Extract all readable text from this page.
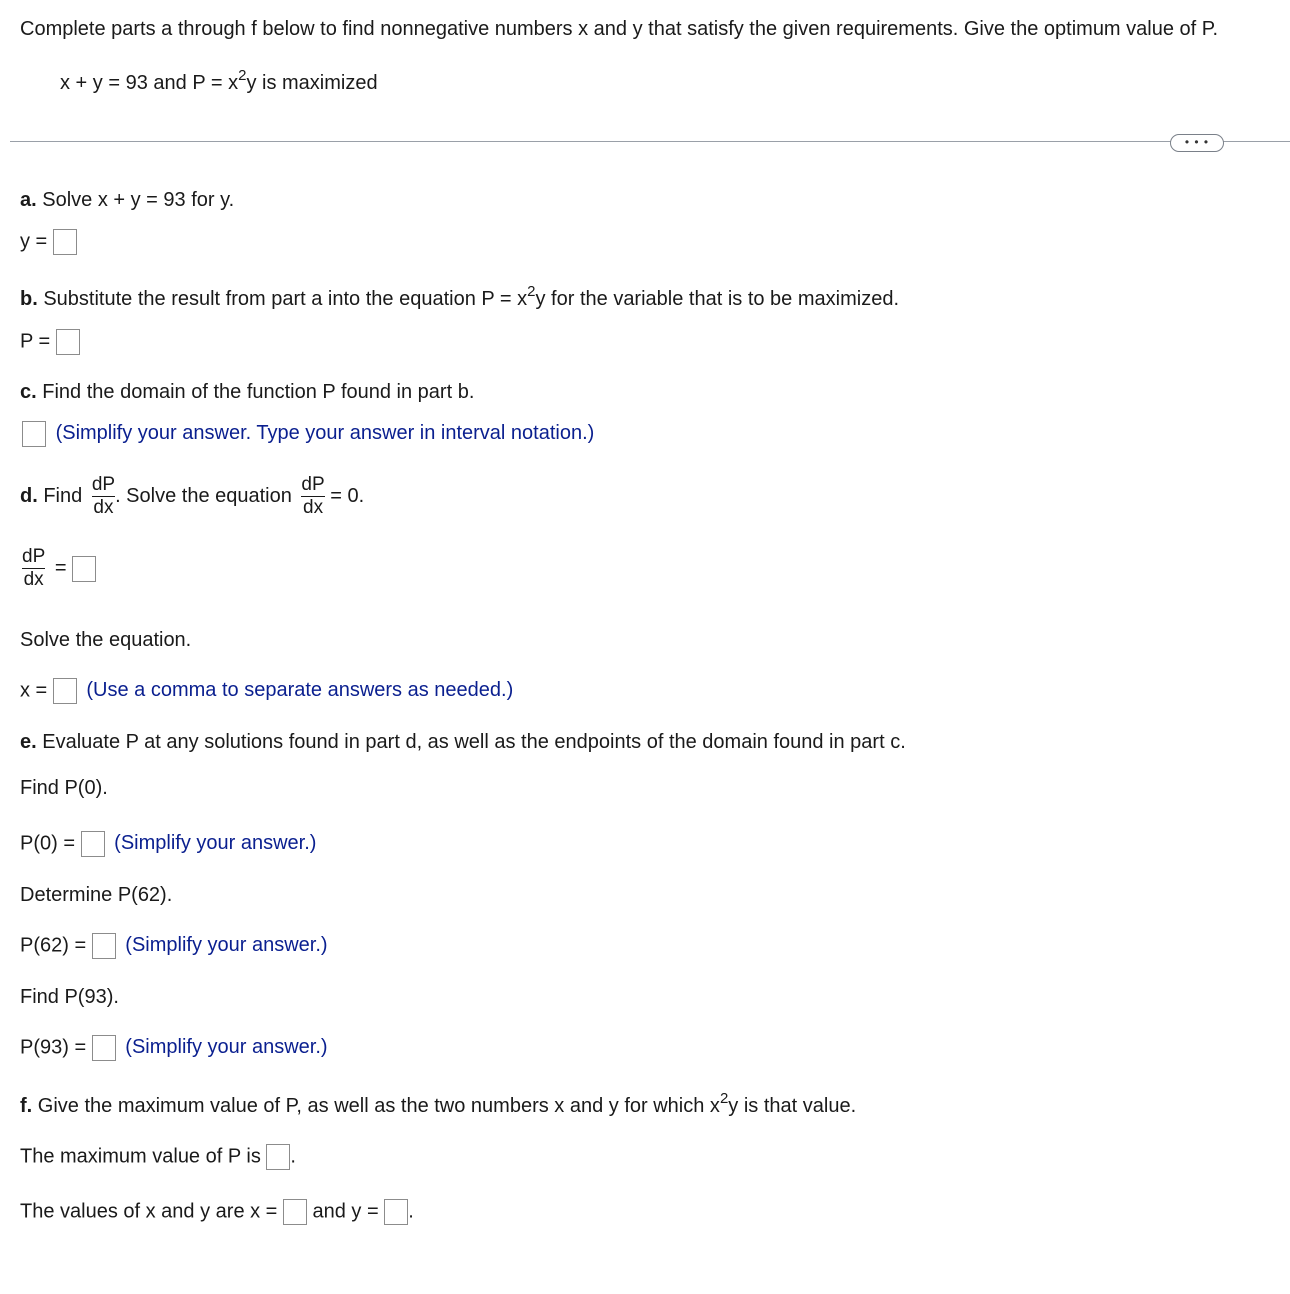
Complete parts a through f below to find nonnegative numbers x and y that satisfy the given requirements. Give the optimum value of P.
x + y = 93 and $P = x^2y$ is maximized
• • •
a. Solve x + y = 93 for y.
y =
b. Substitute the result from part a into the equation $P = x^2y$ for the variable that is to be maximized.
P =
c. Find the domain of the function P found in part b.
(Simplify your answer. Type your answer in interval notation.)
d. Find $\frac{dP}{dx}$ . Solve the equation $\frac{dP}{dx} = 0$.
$\frac{dP}{dx}$ =
Solve the equation.
x = (Use a comma to separate answers as needed.)
e. Evaluate P at any solutions found in part d, as well as the endpoints of the domain found in part c.
Find P(0).
P(0) = (Simplify your answer.)
Determine P(62).
P(62) = (Simplify your answer.)
Find P(93).
P(93) = (Simplify your answer.)
f. Give the maximum value of P, as well as the two numbers x and y for which $x^2y$ is that value.
The maximum value of P is .
The values of x and y are x = and y = .
